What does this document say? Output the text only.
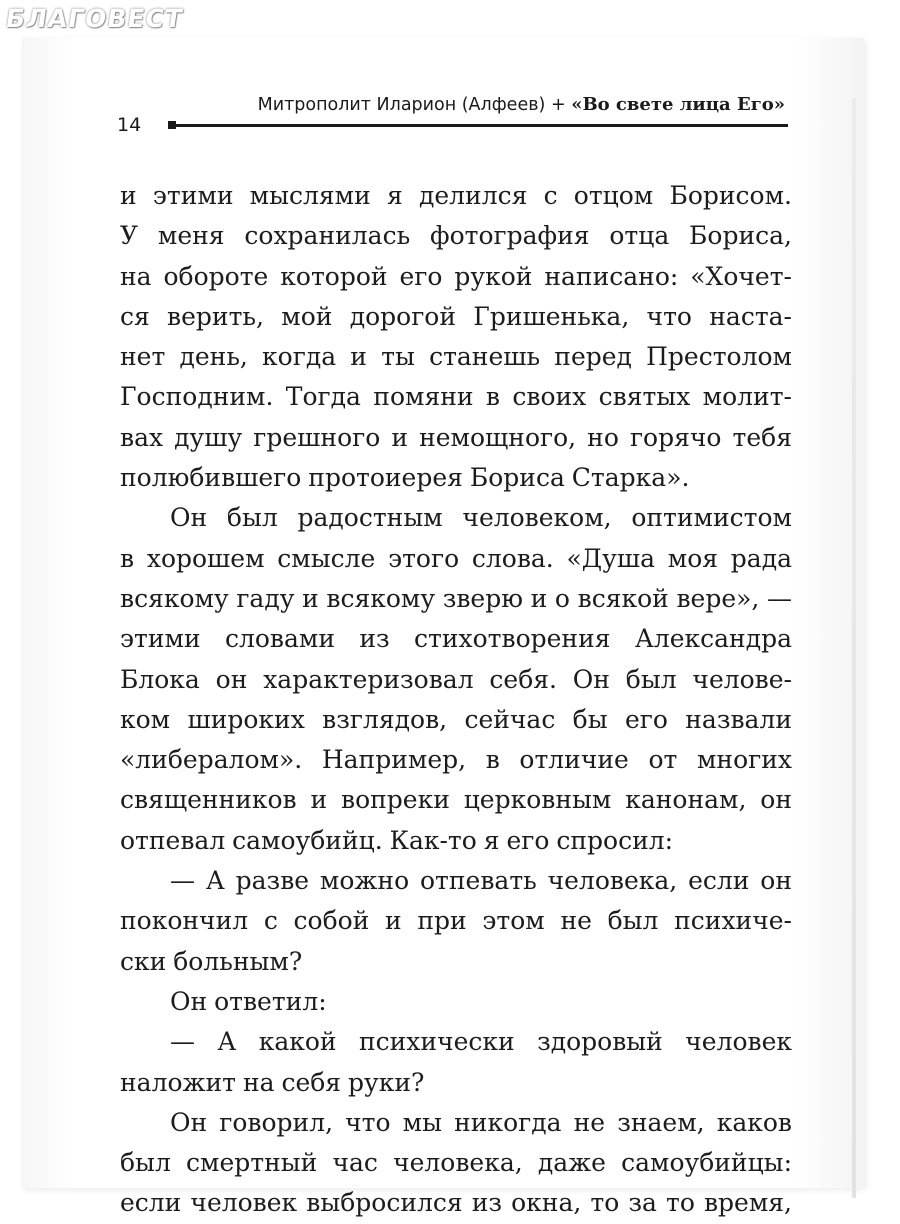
БЛАГОВЕСТ
Митрополит Иларион (Алфеев) + «Во свете лица Его»
14
и этими мыслями я делился с отцом Борисом.
У меня сохранилась фотография отца Бориса,
на обороте которой его рукой написано: «Хочет-
ся верить, мой дорогой Гришенька, что наста-
нет день, когда и ты станешь перед Престолом
Господним. Тогда помяни в своих святых молит-
вах душу грешного и немощного, но горячо тебя
полюбившего протоиерея Бориса Старка».
Он был радостным человеком, оптимистом
в хорошем смысле этого слова. «Душа моя рада
всякому гаду и всякому зверю и о всякой вере», —
этими словами из стихотворения Александра
Блока он характеризовал себя. Он был челове-
ком широких взглядов, сейчас бы его назвали
«либералом». Например, в отличие от многих
священников и вопреки церковным канонам, он
отпевал самоубийц. Как-то я его спросил:
— А разве можно отпевать человека, если он
покончил с собой и при этом не был психиче-
ски больным?
Он ответил:
— А какой психически здоровый человек
наложит на себя руки?
Он говорил, что мы никогда не знаем, каков
был смертный час человека, даже самоубийцы:
если человек выбросился из окна, то за то время,
